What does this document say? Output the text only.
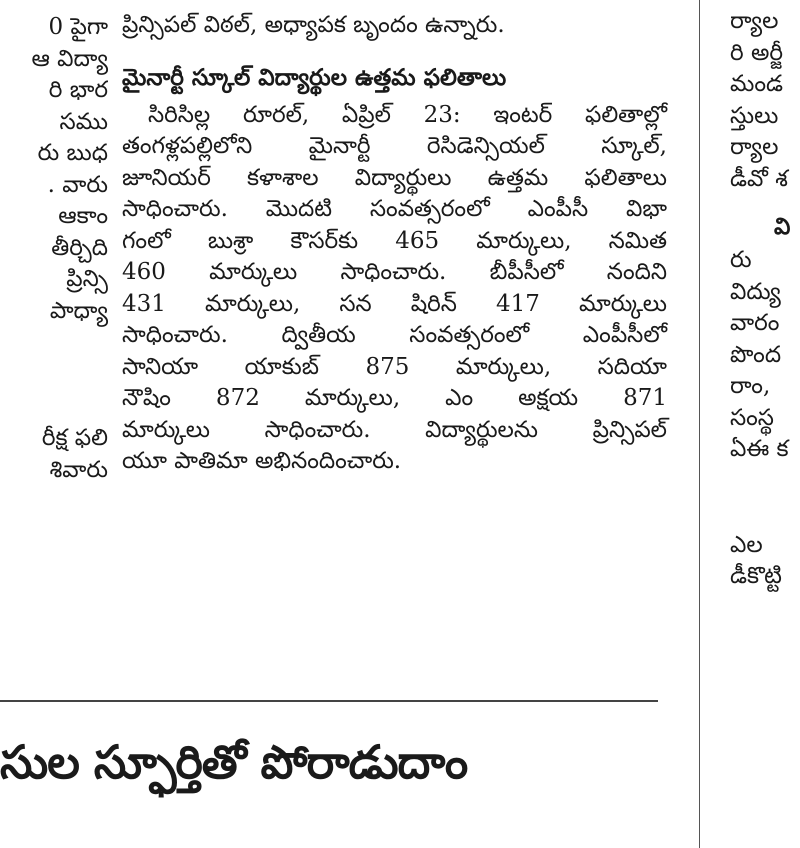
0 పైగా
ఆ విద్యా
రి భార
సము
రు బుధ
. వారు
ఆకాం
తీర్చిది
ప్రిన్సి
పాధ్యా
రీక్ష ఫలి
శివారు
ప్రిన్సిపల్ విఠల్, అధ్యాపక బృందం ఉన్నారు.
మైనార్టీ స్కూల్ విద్యార్థుల ఉత్తమ ఫలితాలు
సిరిసిల్ల రూరల్, ఏప్రిల్ 23: ఇంటర్ ఫలితాల్లో
తంగళ్లపల్లిలోని మైనార్టీ రెసిడెన్సియల్ స్కూల్,
జూనియర్ కళాశాల విద్యార్థులు ఉత్తమ ఫలితాలు
సాధించారు. మొదటి సంవత్సరంలో ఎంపీసీ విభా
గంలో బుశ్రా కౌసర్‌కు 465 మార్కులు, నమిత
460 మార్కులు సాధించారు. బీపీసీలో నందిని
431 మార్కులు, సన షిరిన్ 417 మార్కులు
సాధించారు. ద్వితీయ సంవత్సరంలో ఎంపీసీలో
సానియా యాకుబ్ 875 మార్కులు, సదియా
నౌషిం 872 మార్కులు, ఎం అక్షయ 871
మార్కులు సాధించారు. విద్యార్థులను ప్రిన్సిపల్
యూ పాతిమా అభినందించారు.
ర్యాల
రి అర్జీ
మండ
స్తులు
ర్యాల
డీవో శ
వి
రు
విద్యు
వారం
పొంద
రాం,
సంస్థ
ఏఈ క
ఎల
డీకొట్టి
సుల స్ఫూర్తితో పోరాడుదాం
